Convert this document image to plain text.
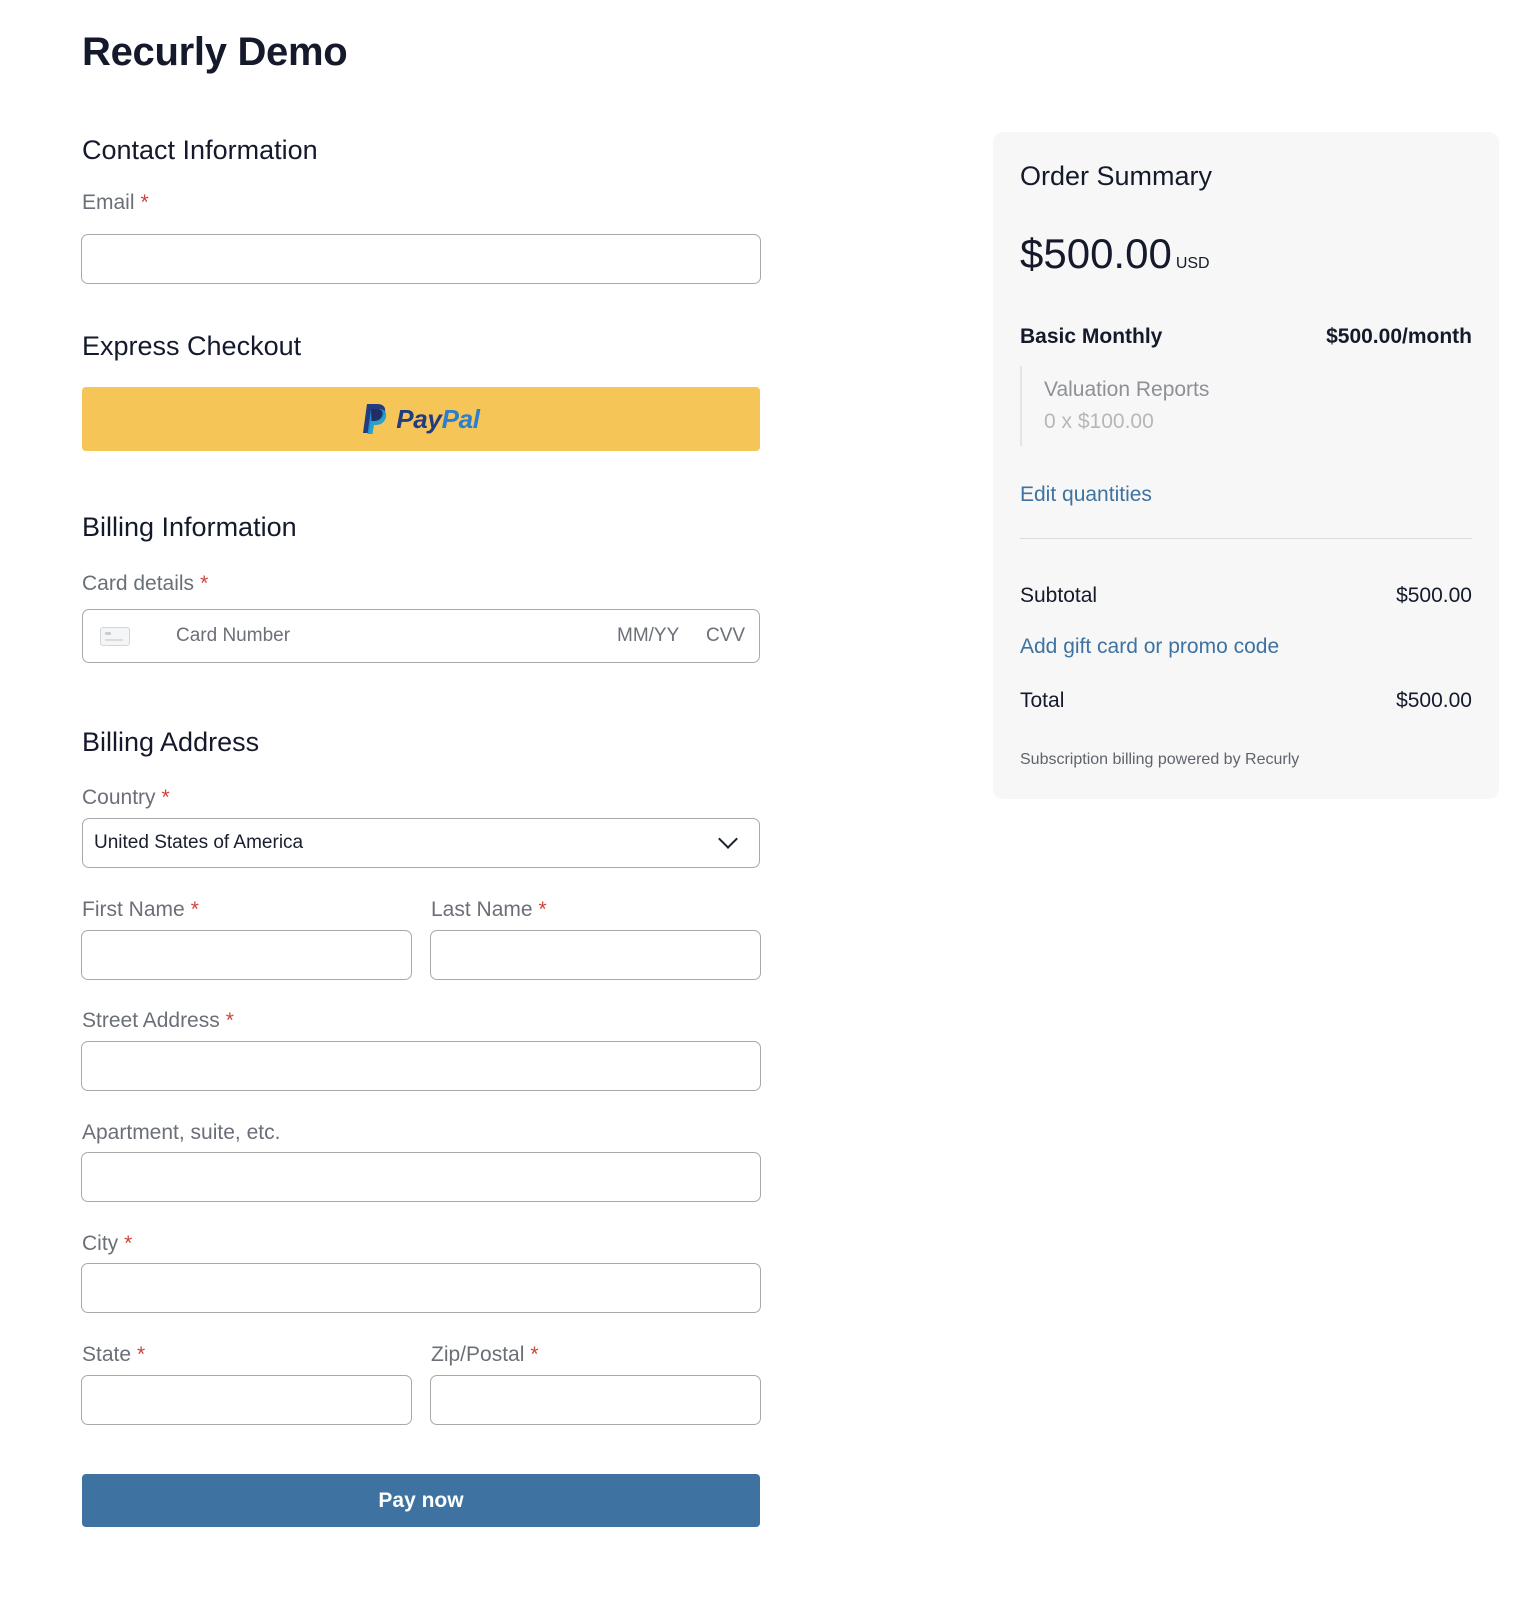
Recurly Demo
Contact Information
Email *
Express Checkout
PayPal
Billing Information
Card details *
Card Number	MM/YY CVV
Billing Address
Country *
United States of America
First Name *	Last Name *
Street Address *
Apartment, suite, etc.
City *
State *	Zip/Postal *
Pay now
Order Summary
$500.00 USD
Basic Monthly	$500.00/month
Valuation Reports
0 x $100.00
Edit quantities
Subtotal	$500.00
Add gift card or promo code
Total	$500.00
Subscription billing powered by Recurly
